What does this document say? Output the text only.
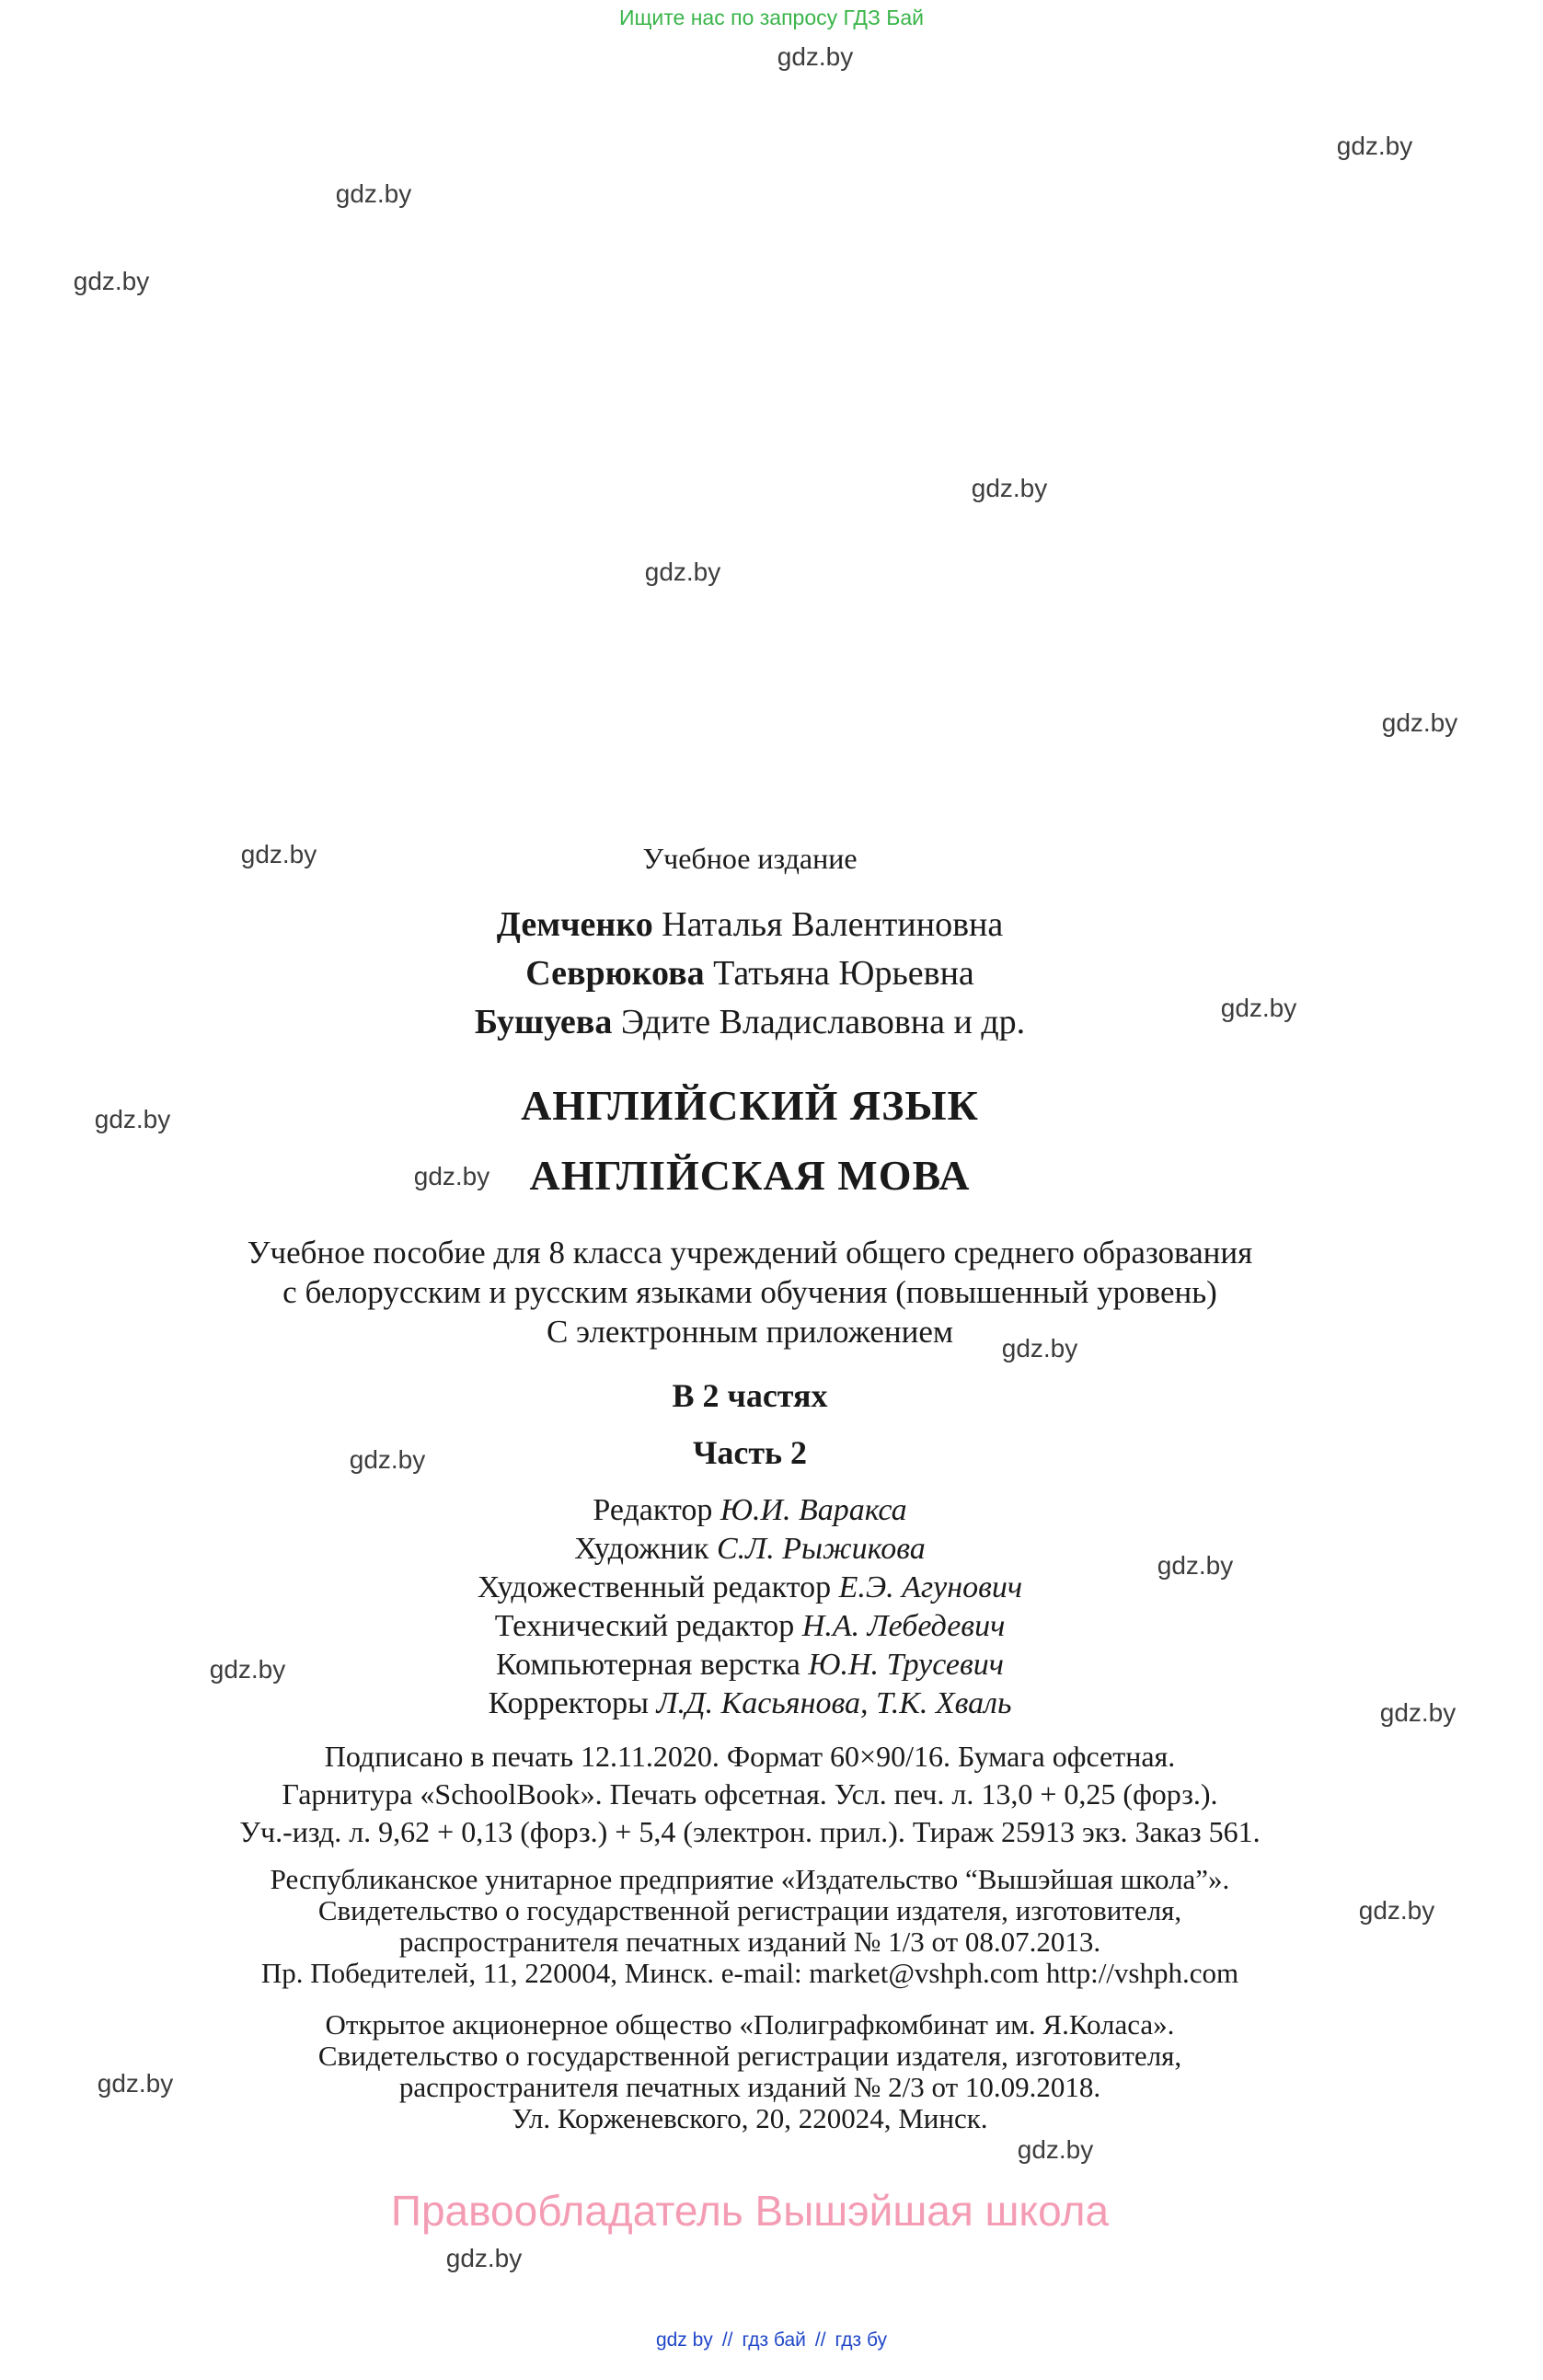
Ищите нас по запросу ГДЗ Бай
gdz.by
gdz.by
gdz.by
gdz.by
gdz.by
gdz.by
gdz.by
gdz.by
gdz.by
gdz.by
gdz.by
gdz.by
gdz.by
gdz.by
gdz.by
gdz.by
gdz.by
gdz.by
gdz.by
gdz.by
Учебное издание
Демченко Наталья Валентиновна
Севрюкова Татьяна Юрьевна
Бушуева Эдите Владиславовна и др.
АНГЛИЙСКИЙ ЯЗЫК
АНГЛІЙСКАЯ МОВА
Учебное пособие для 8 класса учреждений общего среднего образования
с белорусским и русским языками обучения (повышенный уровень)
С электронным приложением
В 2 частях
Часть 2
Редактор Ю.И. Варакса
Художник С.Л. Рыжикова
Художественный редактор Е.Э. Агунович
Технический редактор Н.А. Лебедевич
Компьютерная верстка Ю.Н. Трусевич
Корректоры Л.Д. Касьянова, Т.К. Хваль
Подписано в печать 12.11.2020. Формат 60×90/16. Бумага офсетная.
Гарнитура «SchoolBook». Печать офсетная. Усл. печ. л. 13,0 + 0,25 (форз.).
Уч.-изд. л. 9,62 + 0,13 (форз.) + 5,4 (электрон. прил.). Тираж 25913 экз. Заказ 561.
Республиканское унитарное предприятие «Издательство “Вышэйшая школа”».
Свидетельство о государственной регистрации издателя, изготовителя,
распространителя печатных изданий № 1/3 от 08.07.2013.
Пр. Победителей, 11, 220004, Минск. e-mail: market@vshph.com http://vshph.com
Открытое акционерное общество «Полиграфкомбинат им. Я.Коласа».
Свидетельство о государственной регистрации издателя, изготовителя,
распространителя печатных изданий № 2/3 от 10.09.2018.
Ул. Корженевского, 20, 220024, Минск.
Правообладатель Вышэйшая школа
gdz by // гдз бай // гдз бу
